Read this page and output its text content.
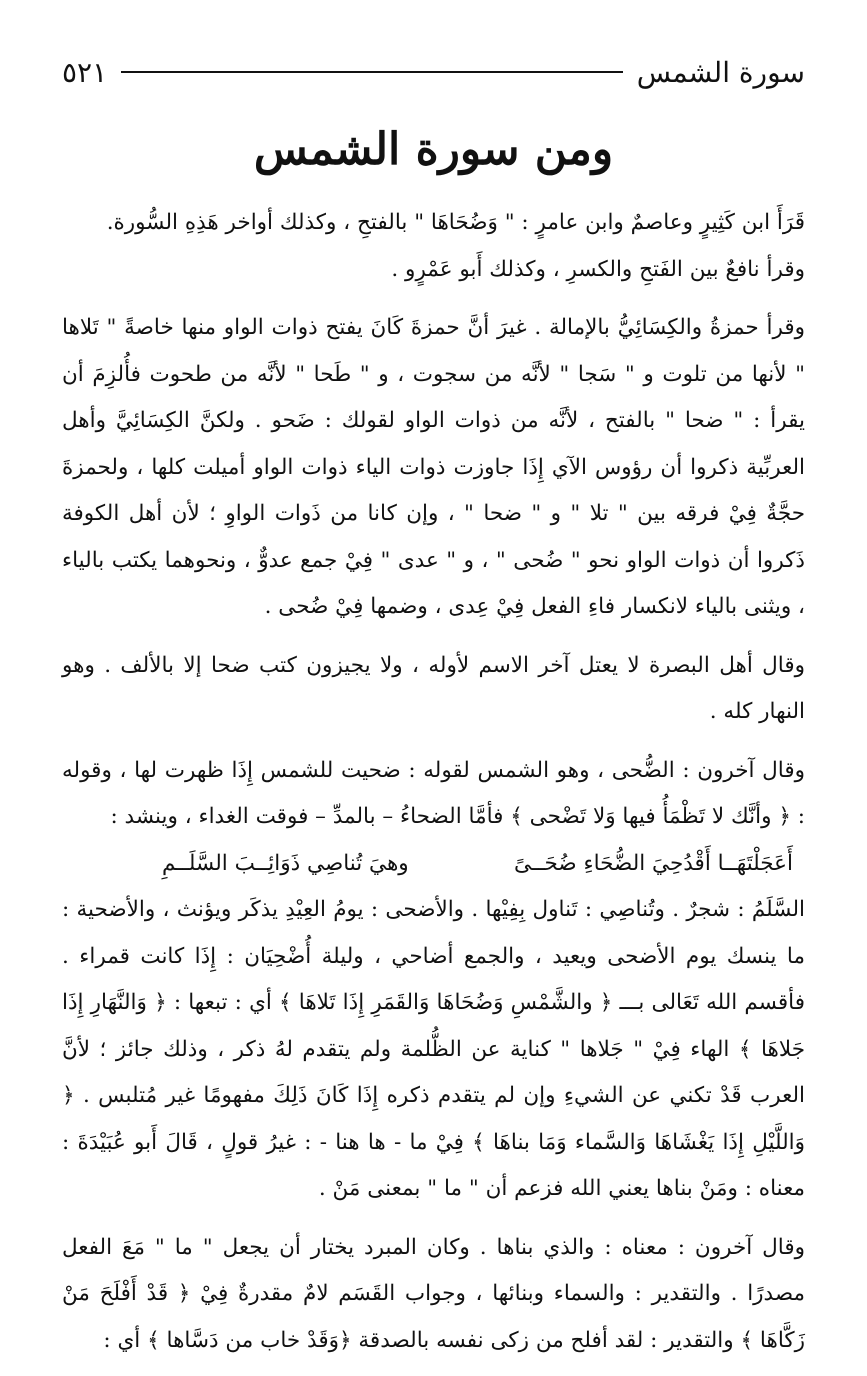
سورة الشمس
٥٢١
ومن سورة الشمس

قَرَأَ ابن كَثِيرٍ وعاصمٌ وابن عامرٍ : " وَضُحَاهَا " بالفتحِ ، وكذلك أواخر هَذِهِ السُّورة.

وقرأ نافعٌ بين الفَتحِ والكسرِ ، وكذلك أَبو عَمْرٍو .

وقرأ حمزةُ والكِسَائِيُّ بالإمالة . غيرَ أنَّ حمزةَ كَانَ يفتح ذوات الواو منها خاصةً " تَلاها " لأنها من تلوت و " سَجا " لأنَّه من سجوت ، و " طَحا " لأنَّه من طحوت فأُلزِمَ أن يقرأ : " ضحا " بالفتح ، لأنَّه من ذوات الواو لقولك : ضَحو . ولكنَّ الكِسَائِيَّ وأهل العربِّية ذكروا أن رؤوس الآي إِذَا جاوزت ذوات الياء ذوات الواو أميلت كلها ، ولحمزةَ حجَّةٌ فِيْ فرقه بين " تلا " و " ضحا " ، وإن كانا من ذَوات الواوِ ؛ لأن أهل الكوفة ذَكروا أن ذوات الواو نحو " ضُحى " ، و " عدى " فِيْ جمع عدوٌّ ، ونحوهما يكتب بالياء ، ويثنى بالياء لانكسار فاءِ الفعل فِيْ عِدى ، وضمها فِيْ ضُحى .

وقال أهل البصرة لا يعتل آخر الاسم لأوله ، ولا يجيزون كتب ضحا إلا بالألف . وهو النهار كله .

وقال آخرون : الضُّحى ، وهو الشمس لقوله : ضحيت للشمس إِذَا ظهرت لها ، وقوله : ﴿ وأنَّك لا تَظْمَأُ فيها وَلا تَضْحى ﴾ فأمَّا الضحاءُ – بالمدِّ – فوقت الغداء ، وينشد :

أَعَجَلْتَهَــا أَقْدُحِيَ الضُّحَاءِ ضُحَــىً
وهيَ تُناصِي ذَوَائِــبَ السَّلَــمِ

السَّلَمُ : شجرٌ . وتُناصِي : تَناول بِفِيْها . والأضحى : يومُ العِيْدِ يذكَر ويؤنث ، والأضحية : ما ينسك يوم الأضحى ويعيد ، والجمع أضاحي ، وليلة أُضْحِيَان : إِذَا كانت قمراء . فأقسم الله تَعَالى بـــ ﴿ والشَّمْسِ وَضُحَاهَا وَالقَمَرِ إِذَا تَلاهَا ﴾ أي : تبعها : ﴿ وَالنَّهَارِ إِذَا جَلاهَا ﴾ الهاء فِيْ " جَلاها " كناية عن الظُّلمة ولم يتقدم لهُ ذكر ، وذلك جائز ؛ لأنَّ العرب قَدْ تكني عن الشيءِ وإن لم يتقدم ذكره إِذَا كَانَ ذَلِكَ مفهومًا غير مُتلبس . ﴿ وَاللَّيْلِ إِذَا يَغْشَاهَا وَالسَّماء وَمَا بناهَا ﴾ فِيْ ما - ها هنا - : غيرُ قولٍ ، قَالَ أَبو عُبَيْدَةَ : معناه : ومَنْ بناها يعني الله فزعم أن " ما " بمعنى مَنْ .

وقال آخرون : معناه : والذي بناها . وكان المبرد يختار أن يجعل " ما " مَعَ الفعل مصدرًا . والتقدير : والسماء وبنائها ، وجواب القَسَم لامٌ مقدرةٌ فِيْ ﴿ قَدْ أَفْلَحَ مَنْ زَكَّاهَا ﴾ والتقدير : لقد أفلح من زكى نفسه بالصدقة ﴿وَقَدْ خاب من دَسَّاها ﴾ أي :
